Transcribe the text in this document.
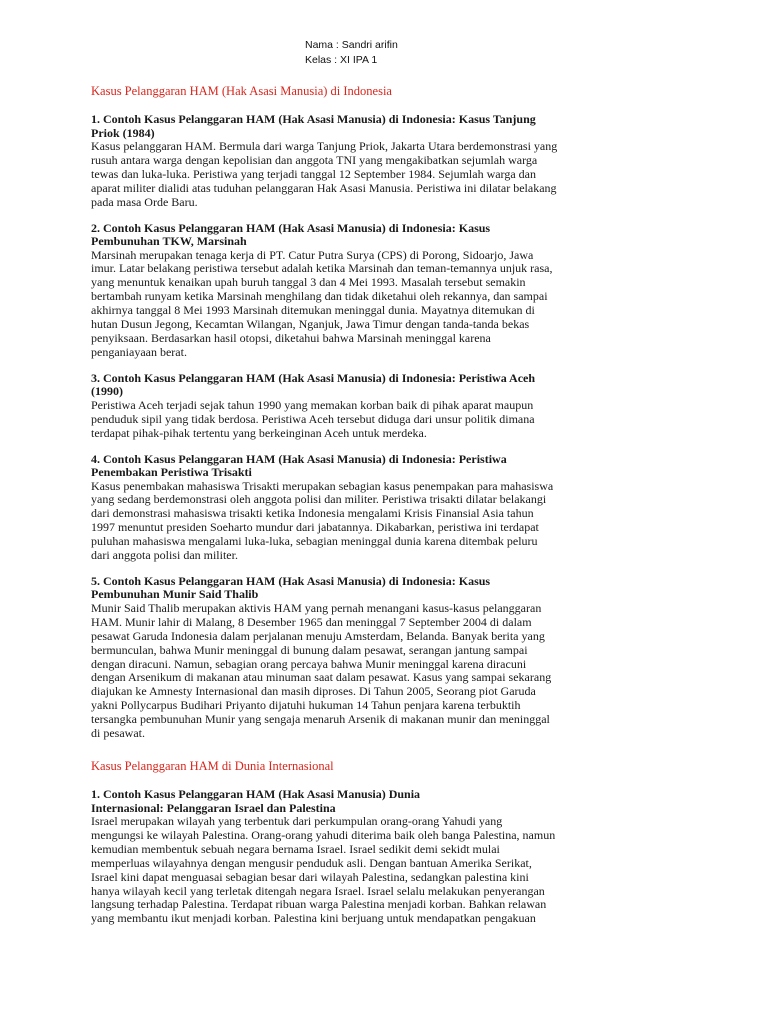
Nama : Sandri arifin
Kelas : XI IPA 1
Kasus Pelanggaran HAM (Hak Asasi Manusia) di Indonesia
1. Contoh Kasus Pelanggaran HAM (Hak Asasi Manusia) di Indonesia: Kasus Tanjung
Priok (1984)

Kasus pelanggaran HAM. Bermula dari warga Tanjung Priok, Jakarta Utara berdemonstrasi yang
rusuh antara warga dengan kepolisian dan anggota TNI yang mengakibatkan sejumlah warga
tewas dan luka-luka. Peristiwa yang terjadi tanggal 12 September 1984. Sejumlah warga dan
aparat militer dialidi atas tuduhan pelanggaran Hak Asasi Manusia. Peristiwa ini dilatar belakang
pada masa Orde Baru.

2. Contoh Kasus Pelanggaran HAM (Hak Asasi Manusia) di Indonesia: Kasus
Pembunuhan TKW, Marsinah

Marsinah merupakan tenaga kerja di PT. Catur Putra Surya (CPS) di Porong, Sidoarjo, Jawa
imur. Latar belakang peristiwa tersebut adalah ketika Marsinah dan teman-temannya unjuk rasa,
yang menuntuk kenaikan upah buruh tanggal 3 dan 4 Mei 1993. Masalah tersebut semakin
bertambah runyam ketika Marsinah menghilang dan tidak diketahui oleh rekannya, dan sampai
akhirnya tanggal 8 Mei 1993 Marsinah ditemukan meninggal dunia. Mayatnya ditemukan di
hutan Dusun Jegong, Kecamtan Wilangan, Nganjuk, Jawa Timur dengan tanda-tanda bekas
penyiksaan. Berdasarkan hasil otopsi, diketahui bahwa Marsinah meninggal karena
penganiayaan berat.

3. Contoh Kasus Pelanggaran HAM (Hak Asasi Manusia) di Indonesia: Peristiwa Aceh
(1990)

Peristiwa Aceh terjadi sejak tahun 1990 yang memakan korban baik di pihak aparat maupun
penduduk sipil yang tidak berdosa. Peristiwa Aceh tersebut diduga dari unsur politik dimana
terdapat pihak-pihak tertentu yang berkeinginan Aceh untuk merdeka.

4. Contoh Kasus Pelanggaran HAM (Hak Asasi Manusia) di Indonesia: Peristiwa
Penembakan Peristiwa Trisakti

Kasus penembakan mahasiswa Trisakti merupakan sebagian kasus penempakan para mahasiswa
yang sedang berdemonstrasi oleh anggota polisi dan militer. Peristiwa trisakti dilatar belakangi
dari demonstrasi mahasiswa trisakti ketika Indonesia mengalami Krisis Finansial Asia tahun
1997 menuntut presiden Soeharto mundur dari jabatannya. Dikabarkan, peristiwa ini terdapat
puluhan mahasiswa mengalami luka-luka, sebagian meninggal dunia karena ditembak peluru
dari anggota polisi dan militer.

5. Contoh Kasus Pelanggaran HAM (Hak Asasi Manusia) di Indonesia: Kasus
Pembunuhan Munir Said Thalib

Munir Said Thalib merupakan aktivis HAM yang pernah menangani kasus-kasus pelanggaran
HAM. Munir lahir di Malang, 8 Desember 1965 dan meninggal 7 September 2004 di dalam
pesawat Garuda Indonesia dalam perjalanan menuju Amsterdam, Belanda. Banyak berita yang
bermunculan, bahwa Munir meninggal di bunung dalam pesawat, serangan jantung sampai
dengan diracuni. Namun, sebagian orang percaya bahwa Munir meninggal karena diracuni
dengan Arsenikum di makanan atau minuman saat dalam pesawat. Kasus yang sampai sekarang
diajukan ke Amnesty Internasional dan masih diproses. Di Tahun 2005, Seorang piot Garuda
yakni Pollycarpus Budihari Priyanto dijatuhi hukuman 14 Tahun penjara karena terbuktih
tersangka pembunuhan Munir yang sengaja menaruh Arsenik di makanan munir dan meninggal
di pesawat.

Kasus Pelanggaran HAM di Dunia Internasional
1. Contoh Kasus Pelanggaran HAM (Hak Asasi Manusia) Dunia
Internasional: Pelanggaran Israel dan Palestina

Israel merupakan wilayah yang terbentuk dari perkumpulan orang-orang Yahudi yang
mengungsi ke wilayah Palestina. Orang-orang yahudi diterima baik oleh banga Palestina, namun
kemudian membentuk sebuah negara bernama Israel. Israel sedikit demi sekidt mulai
memperluas wilayahnya dengan mengusir penduduk asli. Dengan bantuan Amerika Serikat,
Israel kini dapat menguasai sebagian besar dari wilayah Palestina, sedangkan palestina kini
hanya wilayah kecil yang terletak ditengah negara Israel. Israel selalu melakukan penyerangan
langsung terhadap Palestina. Terdapat ribuan warga Palestina menjadi korban. Bahkan relawan
yang membantu ikut menjadi korban. Palestina kini berjuang untuk mendapatkan pengakuan
